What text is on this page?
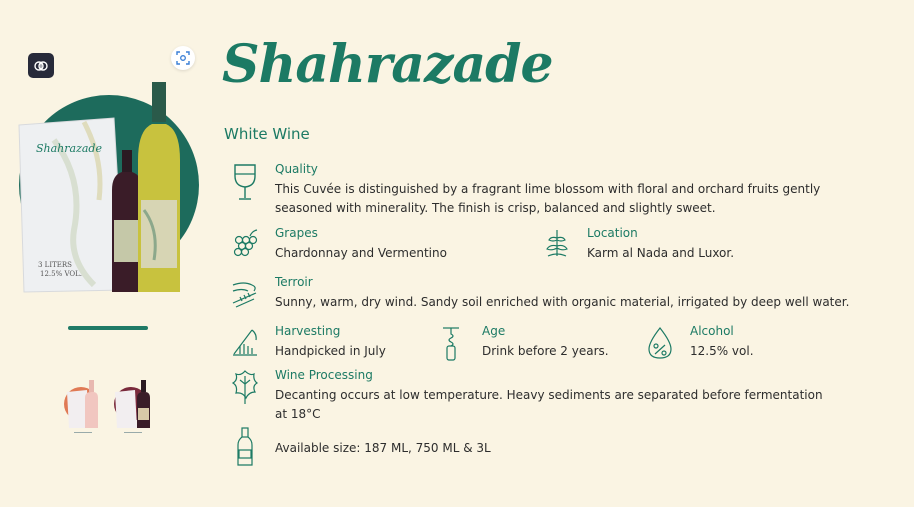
Shahrazade
3 LITERS
12.5% VOL.
Shahrazade
White Wine
Quality
This Cuvée is distinguished by a fragrant lime blossom with floral and orchard fruits gently seasoned with minerality. The finish is crisp, balanced and slightly sweet.
Grapes
Chardonnay and Vermentino
Location
Karm al Nada and Luxor.
Terroir
Sunny, warm, dry wind. Sandy soil enriched with organic material, irrigated by deep well water.
Harvesting
Handpicked in July
Age
Drink before 2 years.
Alcohol
12.5% vol.
Wine Processing
Decanting occurs at low temperature. Heavy sediments are separated before fermentation at 18°C
Available size: 187 ML, 750 ML & 3L
